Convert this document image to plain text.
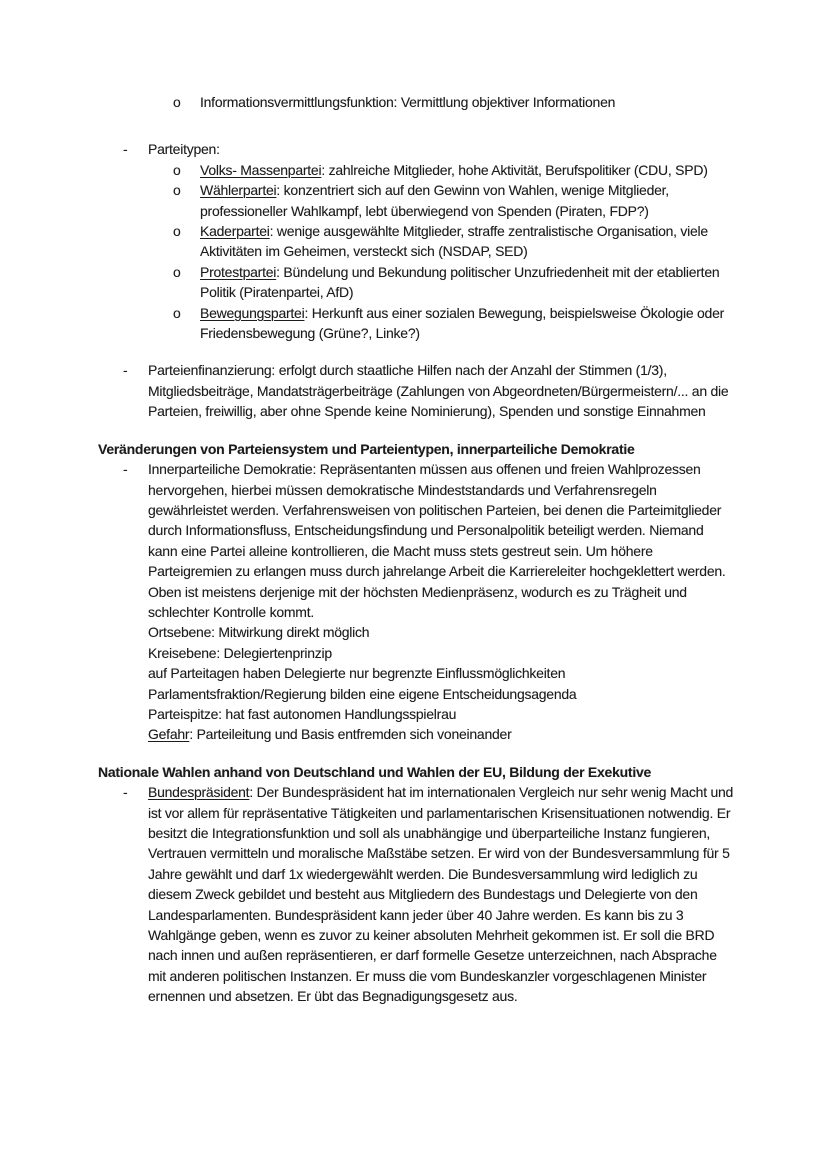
o Informationsvermittlungsfunktion: Vermittlung objektiver Informationen
- Parteitypen:
o Volks- Massenpartei: zahlreiche Mitglieder, hohe Aktivität, Berufspolitiker (CDU, SPD)
o Wählerpartei: konzentriert sich auf den Gewinn von Wahlen, wenige Mitglieder, professioneller Wahlkampf, lebt überwiegend von Spenden (Piraten, FDP?)
o Kaderpartei: wenige ausgewählte Mitglieder, straffe zentralistische Organisation, viele Aktivitäten im Geheimen, versteckt sich (NSDAP, SED)
o Protestpartei: Bündelung und Bekundung politischer Unzufriedenheit mit der etablierten Politik (Piratenpartei, AfD)
o Bewegungspartei: Herkunft aus einer sozialen Bewegung, beispielsweise Ökologie oder Friedensbewegung (Grüne?, Linke?)
- Parteienfinanzierung: erfolgt durch staatliche Hilfen nach der Anzahl der Stimmen (1/3), Mitgliedsbeiträge, Mandatsträgerbeiträge (Zahlungen von Abgeordneten/Bürgermeistern/... an die Parteien, freiwillig, aber ohne Spende keine Nominierung), Spenden und sonstige Einnahmen
Veränderungen von Parteiensystem und Parteientypen, innerparteiliche Demokratie
- Innerparteiliche Demokratie: Repräsentanten müssen aus offenen und freien Wahlprozessen hervorgehen, hierbei müssen demokratische Mindeststandards und Verfahrensregeln gewährleistet werden. Verfahrensweisen von politischen Parteien, bei denen die Parteimitglieder durch Informationsfluss, Entscheidungsfindung und Personalpolitik beteiligt werden. Niemand kann eine Partei alleine kontrollieren, die Macht muss stets gestreut sein. Um höhere Parteigremien zu erlangen muss durch jahrelange Arbeit die Karriereleiter hochgeklettert werden. Oben ist meistens derjenige mit der höchsten Medienpräsenz, wodurch es zu Trägheit und schlechter Kontrolle kommt.
Ortsebene: Mitwirkung direkt möglich
Kreisebene: Delegiertenprinzip
auf Parteitagen haben Delegierte nur begrenzte Einflussmöglichkeiten
Parlamentsfraktion/Regierung bilden eine eigene Entscheidungsagenda
Parteispitze: hat fast autonomen Handlungsspielrau
Gefahr: Parteileitung und Basis entfremden sich voneinander
Nationale Wahlen anhand von Deutschland und Wahlen der EU, Bildung der Exekutive
- Bundespräsident: Der Bundespräsident hat im internationalen Vergleich nur sehr wenig Macht und ist vor allem für repräsentative Tätigkeiten und parlamentarischen Krisensituationen notwendig. Er besitzt die Integrationsfunktion und soll als unabhängige und überparteiliche Instanz fungieren, Vertrauen vermitteln und moralische Maßstäbe setzen. Er wird von der Bundesversammlung für 5 Jahre gewählt und darf 1x wiedergewählt werden. Die Bundesversammlung wird lediglich zu diesem Zweck gebildet und besteht aus Mitgliedern des Bundestags und Delegierte von den Landesparlamenten. Bundespräsident kann jeder über 40 Jahre werden. Es kann bis zu 3 Wahlgänge geben, wenn es zuvor zu keiner absoluten Mehrheit gekommen ist. Er soll die BRD nach innen und außen repräsentieren, er darf formelle Gesetze unterzeichnen, nach Absprache mit anderen politischen Instanzen. Er muss die vom Bundeskanzler vorgeschlagenen Minister ernennen und absetzen. Er übt das Begnadigungsgesetz aus.
